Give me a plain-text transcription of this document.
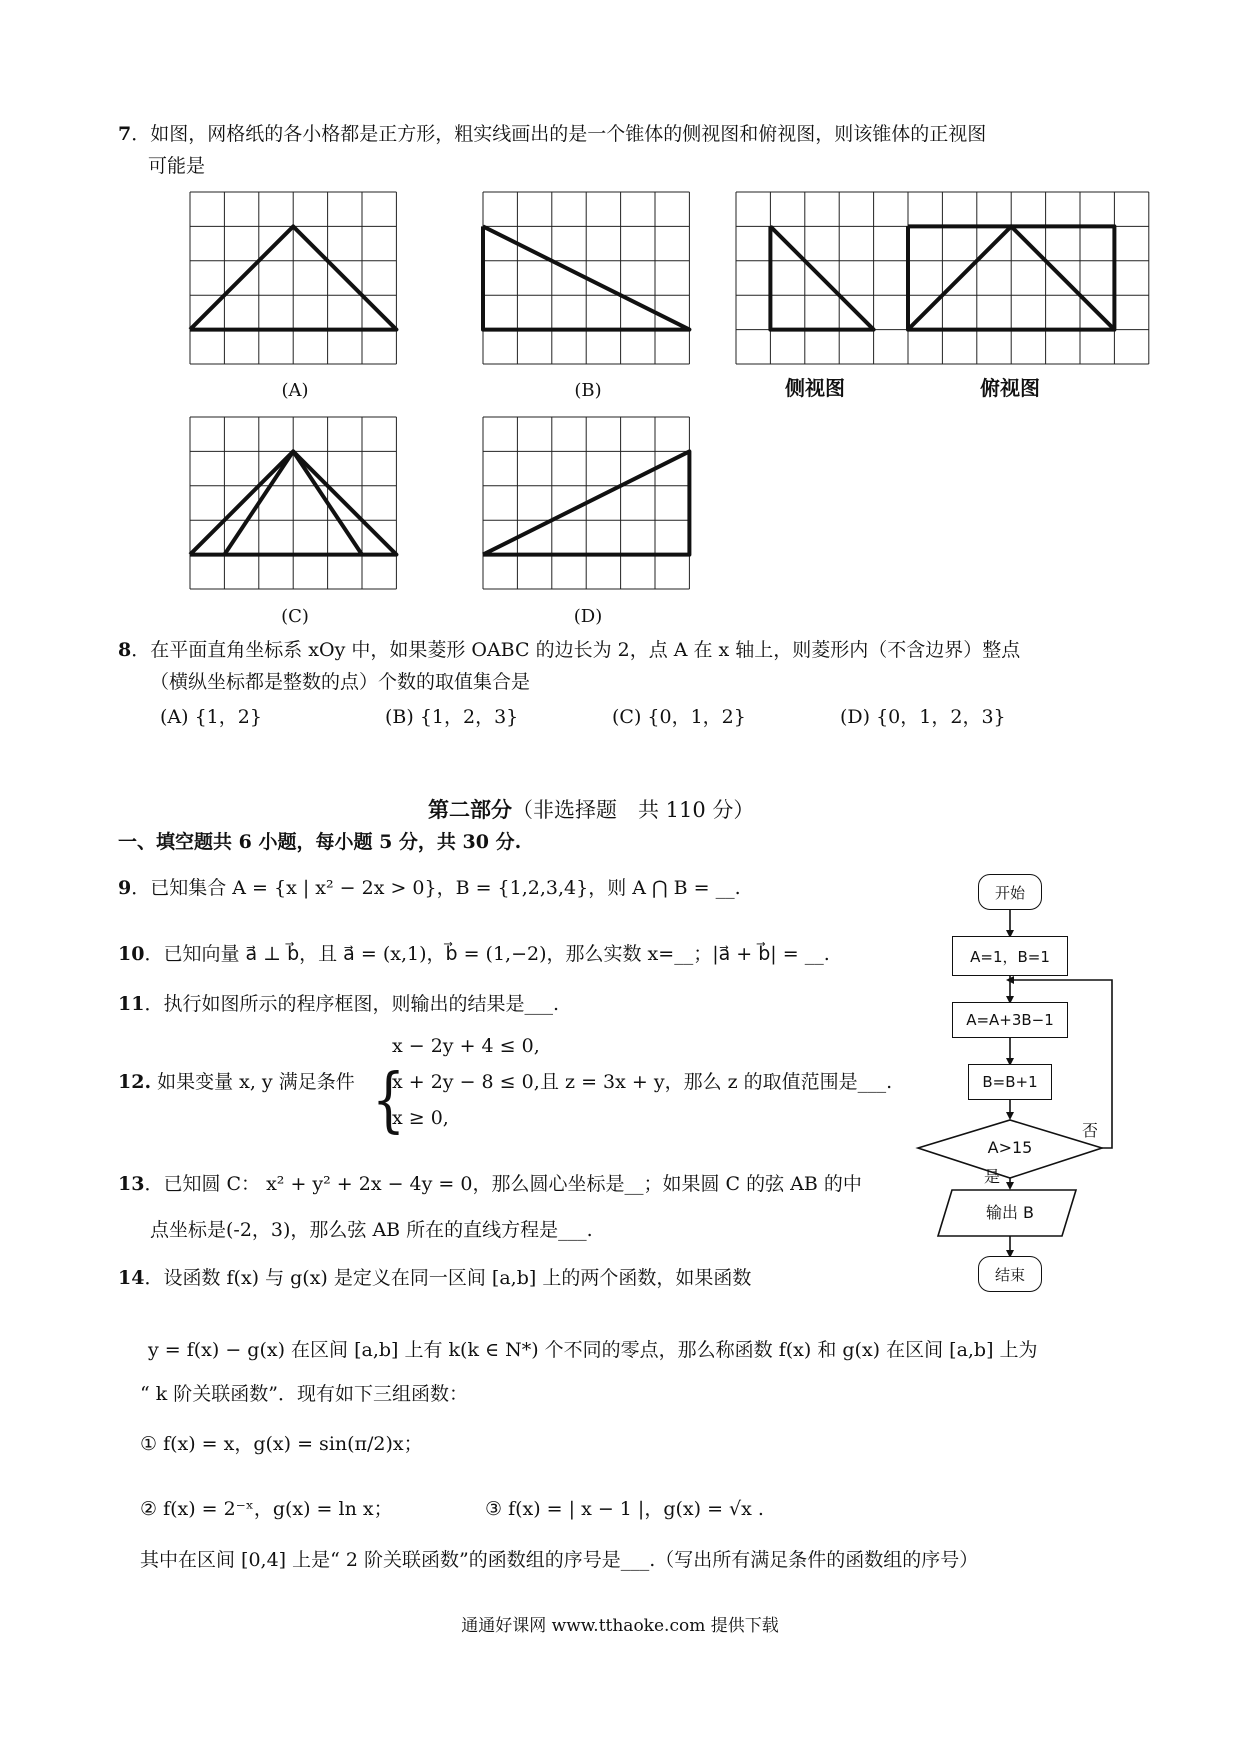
7．如图，网格纸的各小格都是正方形，粗实线画出的是一个锥体的侧视图和俯视图，则该锥体的正视图
可能是
(A)	(B)	侧视图	俯视图
(C)	(D)
8．在平面直角坐标系 xOy 中，如果菱形 OABC 的边长为 2，点 A 在 x 轴上，则菱形内（不含边界）整点
（横纵坐标都是整数的点）个数的取值集合是
(A) {1，2}	(B) {1，2，3}	(C) {0，1，2}	(D) {0，1，2，3}
第二部分（非选择题　共 110 分）
一、填空题共 6 小题，每小题 5 分，共 30 分.
9．已知集合 A = {x | x² − 2x > 0}，B = {1,2,3,4}，则 A ⋂ B = __.
10．已知向量 a⃗ ⊥ b⃗，且 a⃗ = (x,1)，b⃗ = (1,−2)，那么实数 x=__；|a⃗ + b⃗| = __.
11．执行如图所示的程序框图，则输出的结果是___.
12. 如果变量 x, y 满足条件 {
x − 2y + 4 ≤ 0,
x + 2y − 8 ≤ 0,
x ≥ 0,
且 z = 3x + y，那么 z 的取值范围是___.
13．已知圆 C： x² + y² + 2x − 4y = 0，那么圆心坐标是__；如果圆 C 的弦 AB 的中
点坐标是(-2，3)，那么弦 AB 所在的直线方程是___.
14．设函数 f(x) 与 g(x) 是定义在同一区间 [a,b] 上的两个函数，如果函数
y = f(x) − g(x) 在区间 [a,b] 上有 k(k ∈ N*) 个不同的零点，那么称函数 f(x) 和 g(x) 在区间 [a,b] 上为
“ k 阶关联函数”．现有如下三组函数：
① f(x) = x，g(x) = sin(π/2)x；
② f(x) = 2⁻ˣ，g(x) = ln x；	③ f(x) = | x − 1 |，g(x) = √x .
其中在区间 [0,4] 上是“ 2 阶关联函数”的函数组的序号是___.（写出所有满足条件的函数组的序号）
开始
A=1，B=1
A=A+3B−1
B=B+1
A>15
否
是
输出 B
结束
通通好课网 www.tthaoke.com 提供下载
